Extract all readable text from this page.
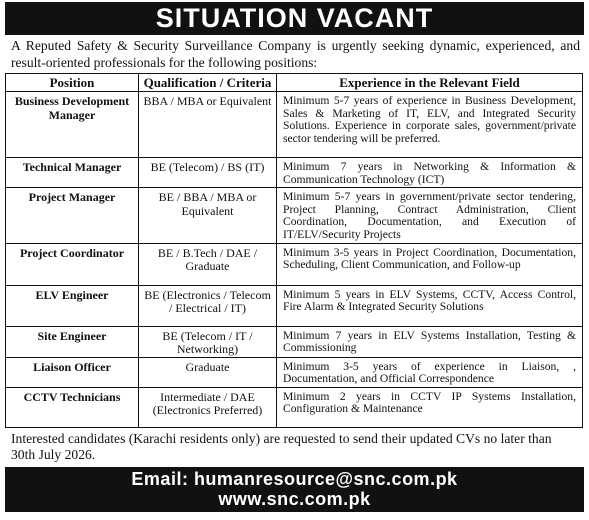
SITUATION VACANT

A Reputed Safety & Security Surveillance Company is urgently seeking dynamic, experienced, and result-oriented professionals for the following positions:

Position	Qualification / Criteria	Experience in the Relevant Field
Business Development Manager	BBA / MBA or Equivalent	Minimum 5-7 years of experience in Business Development, Sales & Marketing of IT, ELV, and Integrated Security Solutions. Experience in corporate sales, government/private sector tendering will be preferred.
Technical Manager	BE (Telecom) / BS (IT)	Minimum 7 years in Networking & Information & Communication Technology (ICT)
Project Manager	BE / BBA / MBA or Equivalent	Minimum 5-7 years in government/private sector tendering, Project Planning, Contract Administration, Client Coordination, Documentation, and Execution of IT/ELV/Security Projects
Project Coordinator	BE / B.Tech / DAE / Graduate	Minimum 3-5 years in Project Coordination, Documentation, Scheduling, Client Communication, and Follow-up
ELV Engineer	BE (Electronics / Telecom / Electrical / IT)	Minimum 5 years in ELV Systems, CCTV, Access Control, Fire Alarm & Integrated Security Solutions
Site Engineer	BE (Telecom / IT / Networking)	Minimum 7 years in ELV Systems Installation, Testing & Commissioning
Liaison Officer	Graduate	Minimum 3-5 years of experience in Liaison, , Documentation, and Official Correspondence
CCTV Technicians	Intermediate / DAE (Electronics Preferred)	Minimum 2 years in CCTV IP Systems Installation, Configuration & Maintenance

Interested candidates (Karachi residents only) are requested to send their updated CVs no later than 30th July 2026.

Email: humanresource@snc.com.pk
www.snc.com.pk
